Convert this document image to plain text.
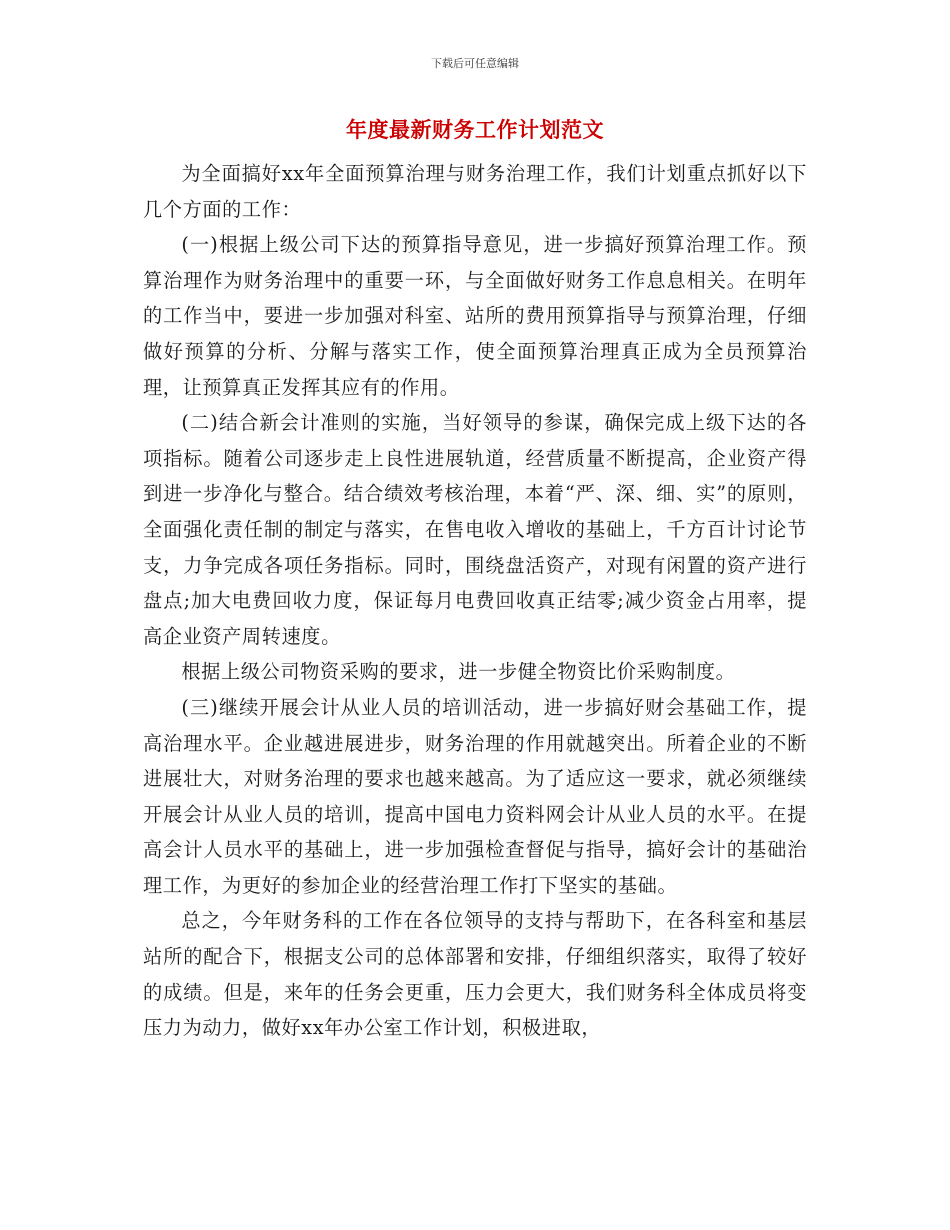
下载后可任意编辑
年度最新财务工作计划范文

为全面搞好xx年全面预算治理与财务治理工作，我们计划重点抓好以下几个方面的工作：

(一)根据上级公司下达的预算指导意见，进一步搞好预算治理工作。预算治理作为财务治理中的重要一环，与全面做好财务工作息息相关。在明年的工作当中，要进一步加强对科室、站所的费用预算指导与预算治理，仔细做好预算的分析、分解与落实工作，使全面预算治理真正成为全员预算治理，让预算真正发挥其应有的作用。

(二)结合新会计准则的实施，当好领导的参谋，确保完成上级下达的各项指标。随着公司逐步走上良性进展轨道，经营质量不断提高，企业资产得到进一步净化与整合。结合绩效考核治理，本着“严、深、细、实”的原则，全面强化责任制的制定与落实，在售电收入增收的基础上，千方百计讨论节支，力争完成各项任务指标。同时，围绕盘活资产，对现有闲置的资产进行盘点;加大电费回收力度，保证每月电费回收真正结零;减少资金占用率，提高企业资产周转速度。

根据上级公司物资采购的要求，进一步健全物资比价采购制度。

(三)继续开展会计从业人员的培训活动，进一步搞好财会基础工作，提高治理水平。企业越进展进步，财务治理的作用就越突出。所着企业的不断进展壮大，对财务治理的要求也越来越高。为了适应这一要求，就必须继续开展会计从业人员的培训，提高中国电力资料网会计从业人员的水平。在提高会计人员水平的基础上，进一步加强检查督促与指导，搞好会计的基础治理工作，为更好的参加企业的经营治理工作打下坚实的基础。

总之，今年财务科的工作在各位领导的支持与帮助下，在各科室和基层站所的配合下，根据支公司的总体部署和安排，仔细组织落实，取得了较好的成绩。但是，来年的任务会更重，压力会更大，我们财务科全体成员将变压力为动力，做好xx年办公室工作计划，积极进取，
